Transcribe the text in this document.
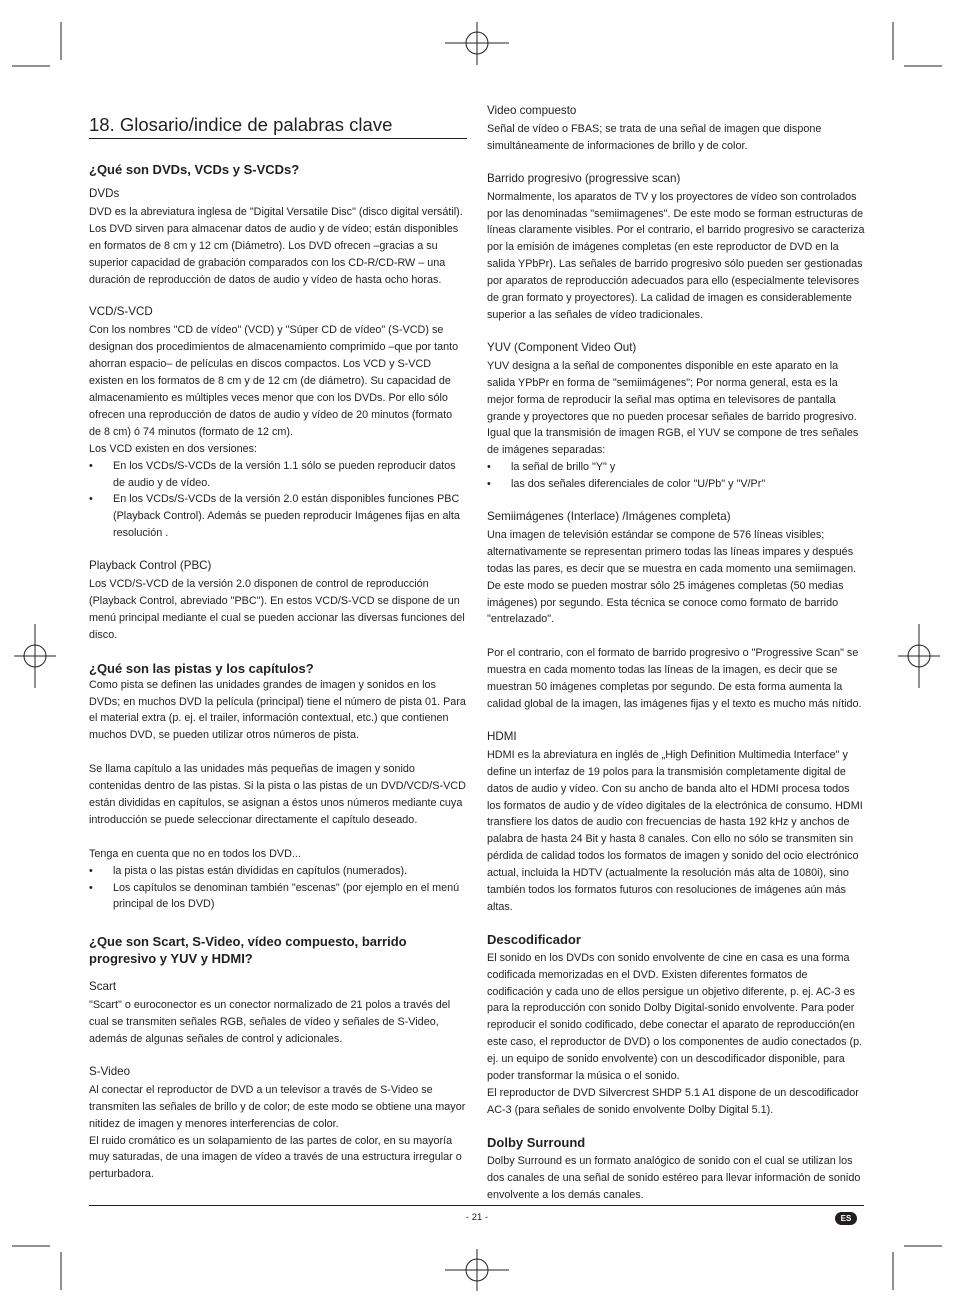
18. Glosario/indice de palabras clave
¿Qué son DVDs, VCDs y S-VCDs?
DVDs

DVD es la abreviatura inglesa de "Digital Versatile Disc" (disco digital versátil). Los DVD sirven para almacenar datos de audio y de vídeo; están disponibles en formatos de 8 cm y 12 cm (Diámetro). Los DVD ofrecen –gracias a su superior capacidad de grabación comparados con los CD-R/CD-RW – una duración de reproducción de datos de audio y vídeo de hasta ocho horas.

VCD/S-VCD

Con los nombres "CD de vídeo" (VCD) y "Súper CD de vídeo" (S-VCD) se designan dos procedimientos de almacenamiento comprimido –que por tanto ahorran espacio– de películas en discos compactos. Los VCD y S-VCD existen en los formatos de 8 cm y de 12 cm (de diámetro). Su capacidad de almacenamiento es múltiples veces menor que con los DVDs. Por ello sólo ofrecen una reproducción de datos de audio y vídeo de 20 minutos (formato de 8 cm) ó 74 minutos (formato de 12 cm).

Los VCD existen en dos versiones:

• En los VCDs/S-VCDs de la versión 1.1 sólo se pueden reproducir datos de audio y de vídeo.
• En los VCDs/S-VCDs de la versión 2.0 están disponibles funciones PBC (Playback Control). Además se pueden reproducir Imágenes fijas en alta resolución .
Playback Control (PBC)

Los VCD/S-VCD de la versión 2.0 disponen de control de reproducción (Playback Control, abreviado "PBC"). En estos VCD/S-VCD se dispone de un menú principal mediante el cual se pueden accionar las diversas funciones del disco.

¿Qué son las pistas y los capítulos?

Como pista se definen las unidades grandes de imagen y sonidos en los DVDs; en muchos DVD la película (principal) tiene el número de pista 01. Para el material extra (p. ej. el trailer, información contextual, etc.) que contienen muchos DVD, se pueden utilizar otros números de pista.

Se llama capítulo a las unidades más pequeñas de imagen y sonido contenidas dentro de las pistas. Si la pista o las pistas de un DVD/VCD/S-VCD están divididas en capítulos, se asignan a éstos unos números mediante cuya introducción se puede seleccionar directamente el capítulo deseado.

Tenga en cuenta que no en todos los DVD...

• la pista o las pistas están divididas en capítulos (numerados).
• Los capítulos se denominan también "escenas" (por ejemplo en el menú principal de los DVD)
¿Que son Scart, S-Video, vídeo compuesto, barrido progresivo y YUV y HDMI?
Scart

"Scart" o euroconector es un conector normalizado de 21 polos a través del cual se transmiten señales RGB, señales de vídeo y señales de S-Video, además de algunas señales de control y adicionales.

S-Video

Al conectar el reproductor de DVD a un televisor a través de S-Video se transmiten las señales de brillo y de color; de este modo se obtiene una mayor nitidez de imagen y menores interferencias de color.

El ruido cromático es un solapamiento de las partes de color, en su mayoría muy saturadas, de una imagen de vídeo a través de una estructura irregular o perturbadora.

Video compuesto

Señal de vídeo o FBAS; se trata de una señal de imagen que dispone simultáneamente de informaciones de brillo y de color.

Barrido progresivo (progressive scan)

Normalmente, los aparatos de TV y los proyectores de vídeo son controlados por las denominadas "semiimagenes". De este modo se forman estructuras de líneas claramente visibles. Por el contrario, el barrido progresivo se caracteriza por la emisión de imágenes completas (en este reproductor de DVD en la salida YPbPr). Las señales de barrido progresivo sólo pueden ser gestionadas por aparatos de reproducción adecuados para ello (especialmente televisores de gran formato y proyectores). La calidad de imagen es considerablemente superior a las señales de vídeo tradicionales.

YUV (Component Video Out)

YUV designa a la señal de componentes disponible en este aparato en la salida YPbPr en forma de "semiimágenes"; Por norma general, esta es la mejor forma de reproducir la señal mas optima en televisores de pantalla grande y proyectores que no pueden procesar señales de barrido progresivo. Igual que la transmisión de imagen RGB, el YUV se compone de tres señales de imágenes separadas:

• la señal de brillo "Y" y
• las dos señales diferenciales de color "U/Pb" y "V/Pr"
Semiimágenes (Interlace) /Imágenes completa)

Una imagen de televisión estándar se compone de 576 líneas visibles; alternativamente se representan primero todas las líneas impares y después todas las pares, es decir que se muestra en cada momento una semiimagen. De este modo se pueden mostrar sólo 25 imágenes completas (50 medias imágenes) por segundo. Esta técnica se conoce como formato de barrido "entrelazado".

Por el contrario, con el formato de barrido progresivo o "Progressive Scan" se muestra en cada momento todas las líneas de la imagen, es decir que se muestran 50 imágenes completas por segundo. De esta forma aumenta la calidad global de la imagen, las imágenes fijas y el texto es mucho más nítido.

HDMI

HDMI es la abreviatura en inglés de „High Definition Multimedia Interface" y define un interfaz de 19 polos para la transmisión completamente digital de datos de audio y vídeo. Con su ancho de banda alto el HDMI procesa todos los formatos de audio y de vídeo digitales de la electrónica de consumo. HDMI transfiere los datos de audio con frecuencias de hasta 192 kHz y anchos de palabra de hasta 24 Bit y hasta 8 canales. Con ello no sólo se transmiten sin pérdida de calidad todos los formatos de imagen y sonido del ocio electrónico actual, incluida la HDTV (actualmente la resolución más alta de 1080i), sino también todos los formatos futuros con resoluciones de imágenes aún más altas.

Descodificador

El sonido en los DVDs con sonido envolvente de cine en casa es una forma codificada memorizadas en el DVD. Existen diferentes formatos de codificación y cada uno de ellos persigue un objetivo diferente, p. ej. AC-3 es para la reproducción con sonido Dolby Digital-sonido envolvente. Para poder reproducir el sonido codificado, debe conectar el aparato de reproducción(en este caso, el reproductor de DVD) o los componentes de audio conectados (p. ej. un equipo de sonido envolvente) con un descodificador disponible, para poder transformar la música o el sonido.

El reproductor de DVD Silvercrest SHDP 5.1 A1 dispone de un descodificador AC-3 (para señales de sonido envolvente Dolby Digital 5.1).

Dolby Surround

Dolby Surround es un formato analógico de sonido con el cual se utilizan los dos canales de una señal de sonido estéreo para llevar información de sonido envolvente a los demás canales.

- 21 -	ES
